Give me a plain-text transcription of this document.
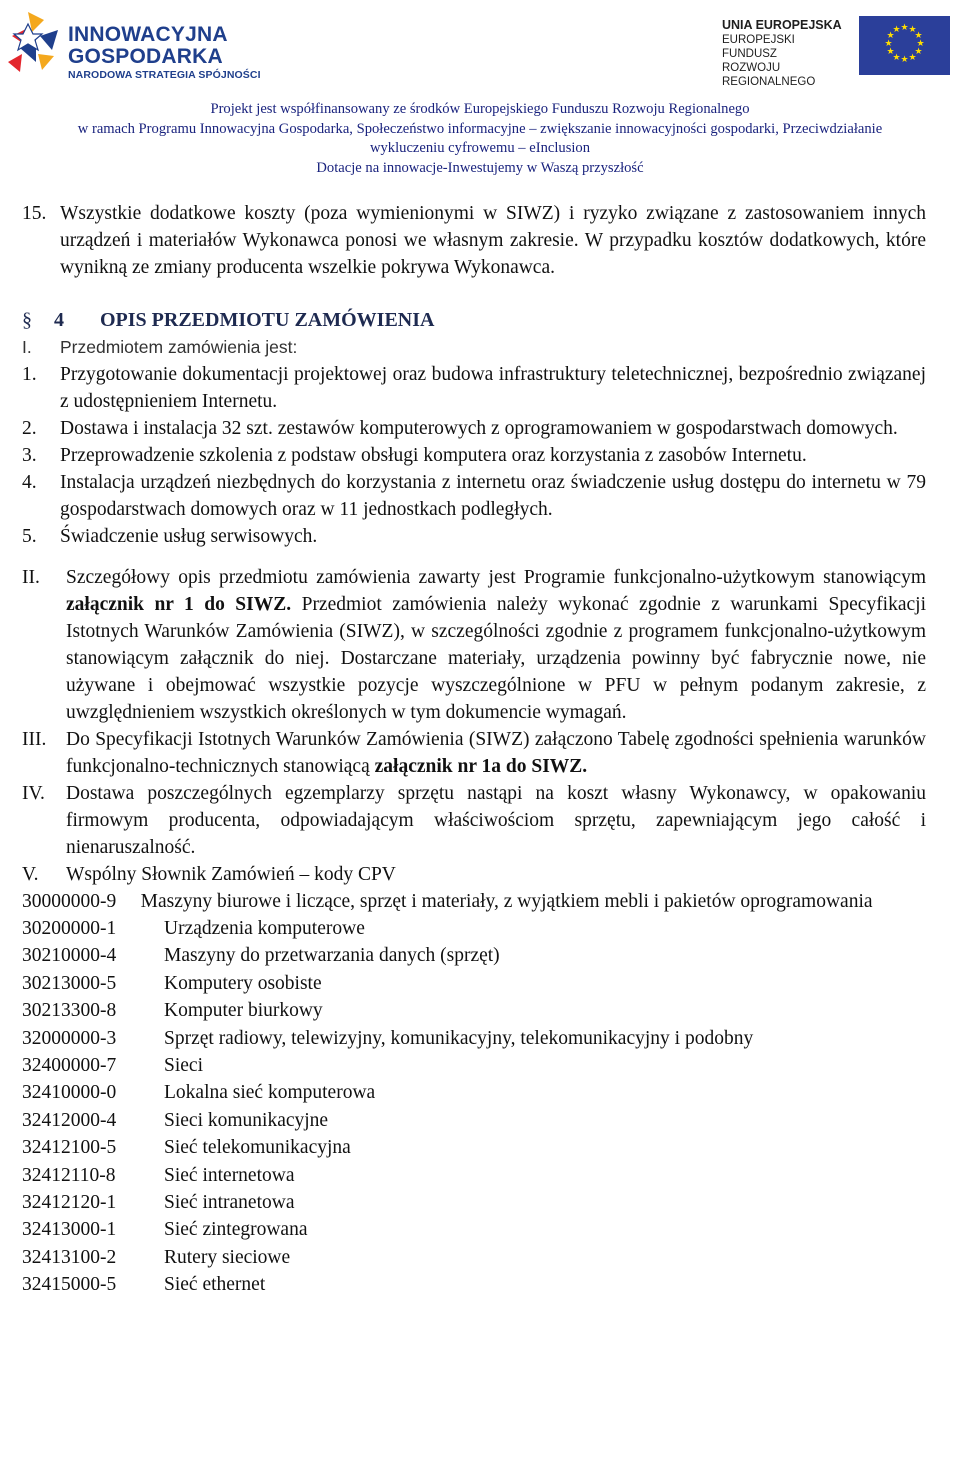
INNOWACYJNA
GOSPODARKA
NARODOWA STRATEGIA SPÓJNOŚCI
UNIA EUROPEJSKA
EUROPEJSKI FUNDUSZ
ROZWOJU REGIONALNEGO
★ ★
★
★
★
★
★
★
★
★
★
★
Projekt jest współfinansowany ze środków Europejskiego Funduszu Rozwoju Regionalnego
w ramach Programu Innowacyjna Gospodarka, Społeczeństwo informacyjne – zwiększanie innowacyjności gospodarki, Przeciwdziałanie
wykluczeniu cyfrowemu – eInclusion
Dotacje na innowacje-Inwestujemy w Waszą przyszłość
15. Wszystkie dodatkowe koszty (poza wymienionymi w SIWZ) i ryzyko związane z zastosowaniem innych urządzeń i materiałów Wykonawca ponosi we własnym zakresie. W przypadku kosztów dodatkowych, które wynikną ze zmiany producenta wszelkie pokrywa Wykonawca.
§ 4 OPIS PRZEDMIOTU ZAMÓWIENIA
I. Przedmiotem zamówienia jest:
1. Przygotowanie dokumentacji projektowej oraz budowa infrastruktury teletechnicznej, bezpośrednio związanej z udostępnieniem Internetu.
2. Dostawa i instalacja 32 szt. zestawów komputerowych z oprogramowaniem w gospodarstwach domowych.
3. Przeprowadzenie szkolenia z podstaw obsługi komputera oraz korzystania z zasobów Internetu.
4. Instalacja urządzeń niezbędnych do korzystania z internetu oraz świadczenie usług dostępu do internetu w 79 gospodarstwach domowych oraz w 11 jednostkach podległych.
5. Świadczenie usług serwisowych.
II. Szczegółowy opis przedmiotu zamówienia zawarty jest Programie funkcjonalno-użytkowym stanowiącym załącznik nr 1 do SIWZ. Przedmiot zamówienia należy wykonać zgodnie z warunkami Specyfikacji Istotnych Warunków Zamówienia (SIWZ), w szczególności zgodnie z programem funkcjonalno-użytkowym stanowiącym załącznik do niej. Dostarczane materiały, urządzenia powinny być fabrycznie nowe, nie używane i obejmować wszystkie pozycje wyszczególnione w PFU w pełnym podanym zakresie, z uwzględnieniem wszystkich określonych w tym dokumencie wymagań.
III. Do Specyfikacji Istotnych Warunków Zamówienia (SIWZ) załączono Tabelę zgodności spełnienia warunków funkcjonalno-technicznych stanowiącą załącznik nr 1a do SIWZ.
IV. Dostawa poszczególnych egzemplarzy sprzętu nastąpi na koszt własny Wykonawcy, w opakowaniu firmowym producenta, odpowiadającym właściwościom sprzętu, zapewniającym jego całość i nienaruszalność.
V. Wspólny Słownik Zamówień – kody CPV
30000000-9 Maszyny biurowe i liczące, sprzęt i materiały, z wyjątkiem mebli i pakietów oprogramowania
30200000-1 Urządzenia komputerowe
30210000-4 Maszyny do przetwarzania danych (sprzęt)
30213000-5 Komputery osobiste
30213300-8 Komputer biurkowy
32000000-3 Sprzęt radiowy, telewizyjny, komunikacyjny, telekomunikacyjny i podobny
32400000-7 Sieci
32410000-0 Lokalna sieć komputerowa
32412000-4 Sieci komunikacyjne
32412100-5 Sieć telekomunikacyjna
32412110-8 Sieć internetowa
32412120-1 Sieć intranetowa
32413000-1 Sieć zintegrowana
32413100-2 Rutery sieciowe
32415000-5 Sieć ethernet
